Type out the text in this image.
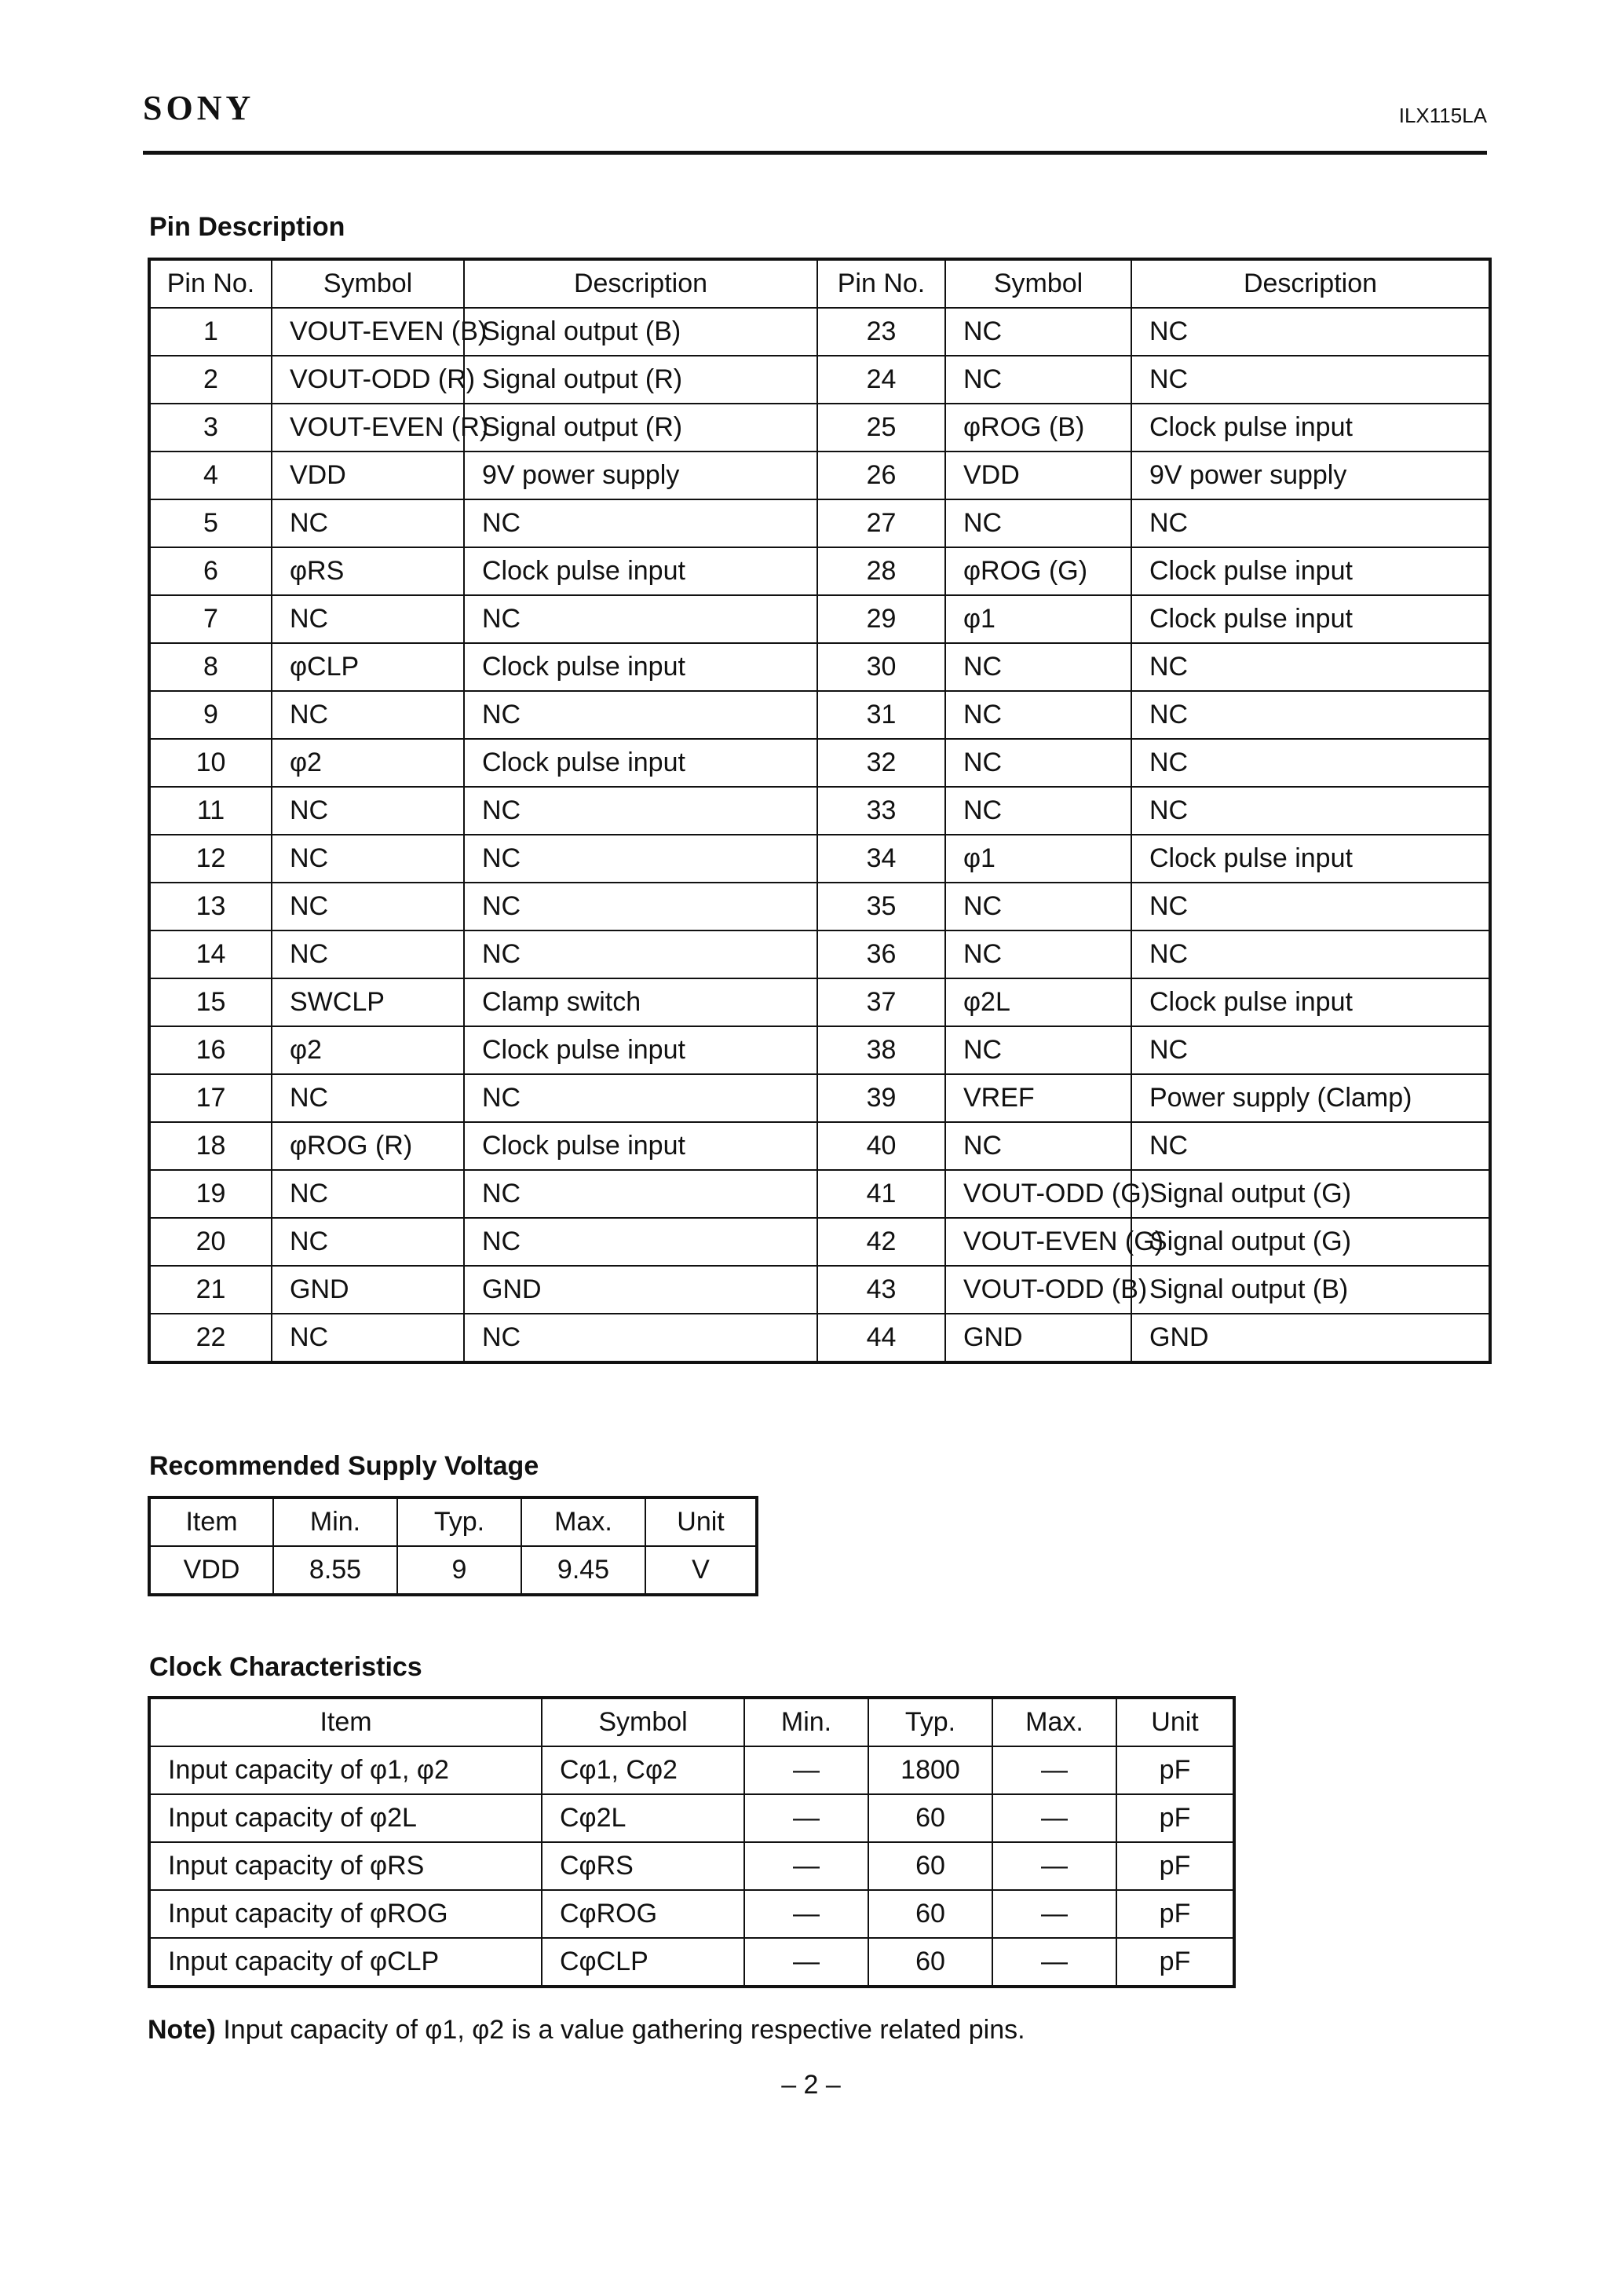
SONY	ILX115LA
Pin Description
Pin No.	Symbol	Description	Pin No.	Symbol	Description
1	VOUT-EVEN (B)	Signal output (B)	23	NC	NC
2	VOUT-ODD (R)	Signal output (R)	24	NC	NC
3	VOUT-EVEN (R)	Signal output (R)	25	φROG (B)	Clock pulse input
4	VDD	9V power supply	26	VDD	9V power supply
5	NC	NC	27	NC	NC
6	φRS	Clock pulse input	28	φROG (G)	Clock pulse input
7	NC	NC	29	φ1	Clock pulse input
8	φCLP	Clock pulse input	30	NC	NC
9	NC	NC	31	NC	NC
10	φ2	Clock pulse input	32	NC	NC
11	NC	NC	33	NC	NC
12	NC	NC	34	φ1	Clock pulse input
13	NC	NC	35	NC	NC
14	NC	NC	36	NC	NC
15	SWCLP	Clamp switch	37	φ2L	Clock pulse input
16	φ2	Clock pulse input	38	NC	NC
17	NC	NC	39	VREF	Power supply (Clamp)
18	φROG (R)	Clock pulse input	40	NC	NC
19	NC	NC	41	VOUT-ODD (G)	Signal output (G)
20	NC	NC	42	VOUT-EVEN (G)	Signal output (G)
21	GND	GND	43	VOUT-ODD (B)	Signal output (B)
22	NC	NC	44	GND	GND
Recommended Supply Voltage
Item	Min.	Typ.	Max.	Unit
VDD	8.55	9	9.45	V
Clock Characteristics
Item	Symbol	Min.	Typ.	Max.	Unit
Input capacity of φ1, φ2	Cφ1, Cφ2	—	1800	—	pF
Input capacity of φ2L	Cφ2L	—	60	—	pF
Input capacity of φRS	CφRS	—	60	—	pF
Input capacity of φROG	CφROG	—	60	—	pF
Input capacity of φCLP	CφCLP	—	60	—	pF
Note) Input capacity of φ1, φ2 is a value gathering respective related pins.
– 2 –
